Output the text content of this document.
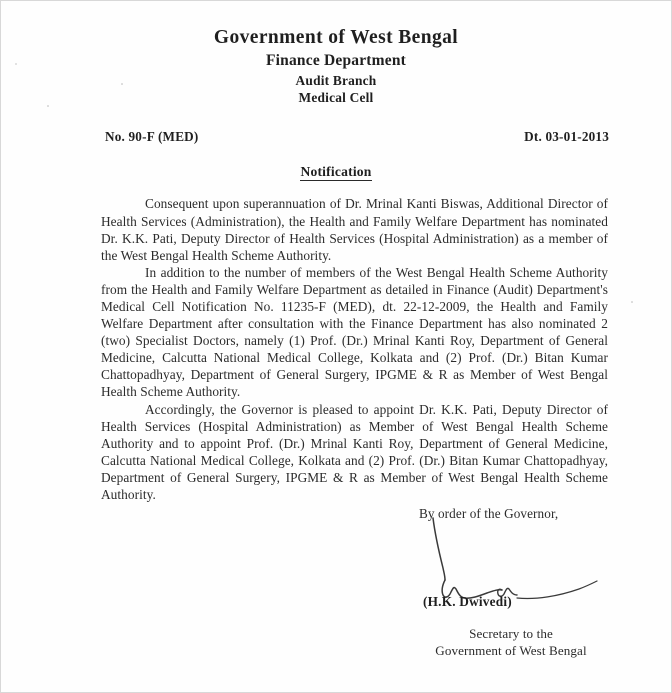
Government of West Bengal
Finance Department
Audit Branch
Medical Cell
No. 90-F (MED)	Dt. 03-01-2013
Notification

Consequent upon superannuation of Dr. Mrinal Kanti Biswas, Additional Director of Health Services (Administration), the Health and Family Welfare Department has nominated Dr. K.K. Pati, Deputy Director of Health Services (Hospital Administration) as a member of the West Bengal Health Scheme Authority.

In addition to the number of members of the West Bengal Health Scheme Authority from the Health and Family Welfare Department as detailed in Finance (Audit) Department's Medical Cell Notification No. 11235-F (MED), dt. 22-12-2009, the Health and Family Welfare Department after consultation with the Finance Department has also nominated 2 (two) Specialist Doctors, namely (1) Prof. (Dr.) Mrinal Kanti Roy, Department of General Medicine, Calcutta National Medical College, Kolkata and (2) Prof. (Dr.) Bitan Kumar Chattopadhyay, Department of General Surgery, IPGME & R as Member of West Bengal Health Scheme Authority.

Accordingly, the Governor is pleased to appoint Dr. K.K. Pati, Deputy Director of Health Services (Hospital Administration) as Member of West Bengal Health Scheme Authority and to appoint Prof. (Dr.) Mrinal Kanti Roy, Department of General Medicine, Calcutta National Medical College, Kolkata and (2) Prof. (Dr.) Bitan Kumar Chattopadhyay, Department of General Surgery, IPGME & R as Member of West Bengal Health Scheme Authority.

By order of the Governor,
(H.K. Dwivedi)
Secretary to the
Government of West Bengal
